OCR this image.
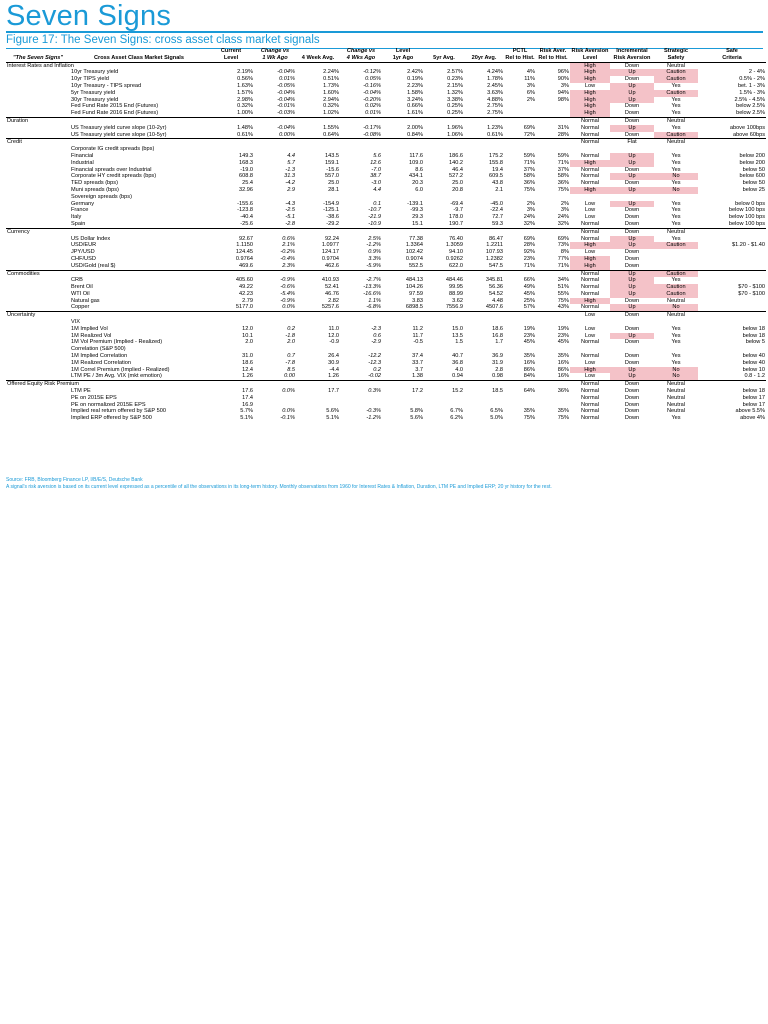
Seven Signs
Figure 17: The Seven Signs: cross asset class market signals
		Current	Change vs		Change vs	Level			PCTL	Risk Aver.	Risk Aversion	Incremental	Strategic	Safe
"The Seven Signs"	Cross Asset Class Market Signals	Level	1 Wk Ago	4 Week Avg.	4 Wks Ago	1yr Ago	5yr Avg.	20yr Avg.	Rel to Hist.	Rel to Hist.	Level	Risk Aversion	Safety	Criteria
Interest Rates and Inflation											High	Down	Neutral	
	10yr Treasury yield	2.19%	-0.04%	2.24%	-0.12%	2.42%	2.57%	4.24%	4%	96%	High	Up	Caution	2 - 4%
	10yr TIPS yield	0.56%	0.01%	0.51%	0.05%	0.19%	0.23%	1.78%	11%	90%	High	Down	Caution	0.5% - 2%
	10yr Treasury - TIPS spread	1.63%	-0.05%	1.73%	-0.16%	2.23%	2.15%	2.45%	3%	3%	Low	Up	Yes	bet. 1 - 3%
	5yr Treasury yield	1.57%	-0.04%	1.60%	-0.04%	1.58%	1.32%	3.63%	6%	94%	High	Up	Caution	1.5% - 3%
	30yr Treasury yield	2.98%	-0.04%	2.94%	-0.20%	3.24%	3.38%	4.88%	2%	98%	High	Up	Yes	2.5% - 4.5%
	Fed Fund Rate 2015 End (Futures)	0.32%	-0.01%	0.32%	0.02%	0.66%	0.25%	2.75%			High	Down	Yes	below 2.5%
	Fed Fund Rate 2016 End (Futures)	1.00%	-0.03%	1.02%	0.01%	1.61%	0.25%	2.75%			High	Down	Yes	below 2.5%
Duration											Normal	Down	Neutral	
	US Treasury yield curve slope (10-2yr)	1.48%	-0.04%	1.55%	-0.17%	2.00%	1.96%	1.23%	69%	31%	Normal	Up	Yes	above 100bps
	US Treasury yield curve slope (10-5yr)	0.61%	0.00%	0.64%	-0.08%	0.84%	1.06%	0.61%	72%	28%	Normal	Down	Caution	above 60bps
Credit											Normal	Flat	Neutral	
	Corporate IG credit spreads (bps)													
	Financial	149.3	4.4	143.5	5.6	117.6	186.6	175.2	59%	59%	Normal	Up	Yes	below 200
	Industrial	168.3	5.7	159.1	12.6	109.0	140.2	155.8	71%	71%	High	Up	Yes	below 200
	Financial spreads over Industrial	-19.0	-1.3	-15.6	-7.0	8.6	46.4	19.4	37%	37%	Normal	Down	Yes	below 50
	Corporate HY credit spreads (bps)	608.8	31.3	557.0	38.7	434.1	527.2	609.5	58%	58%	Normal	Up	No	below 600
	TED spreads (bps)	25.4	-4.2	25.0	-3.0	20.3	25.0	43.8	36%	36%	Normal	Down	Yes	below 50
	Muni spreads (bps)	32.96	2.9	28.1	4.4	6.0	20.8	2.1	75%	75%	High	Up	No	below 25
	Sovereign spreads (bps)													
	Germany	-155.6	-4.3	-154.9	0.1	-139.1	-69.4	-45.0	2%	2%	Low	Up	Yes	below 0 bps
	France	-123.8	-2.5	-125.1	-10.7	-99.3	-9.7	-22.4	3%	3%	Low	Down	Yes	below 100 bps
	Italy	-40.4	-5.1	-38.6	-21.9	29.3	178.0	72.7	24%	24%	Low	Down	Yes	below 100 bps
	Spain	-25.6	-2.8	-29.2	-10.9	15.1	190.7	59.3	32%	32%	Normal	Down	Yes	below 100 bps
Currency											Normal	Down	Neutral	
	US Dollar Index	92.67	0.6%	92.24	2.5%	77.38	76.40	86.47	69%	69%	Normal	Up	Yes	
	USD/EUR	1.1150	2.1%	1.0977	-1.2%	1.3364	1.3059	1.2211	28%	73%	High	Up	Caution	$1.20 - $1.40
	JPY/USD	124.45	-0.2%	124.17	0.9%	102.42	94.10	107.93	92%	8%	Low	Down		
	CHF/USD	0.9764	-0.4%	0.9704	3.3%	0.9074	0.9262	1.2382	23%	77%	High	Down		
	USD/Gold (real $)	469.6	2.3%	462.6	-5.9%	552.5	622.0	547.5	71%	71%	High	Down		
Commodities											Normal	Up	Caution	
	CRB	405.60	-0.9%	410.93	-2.7%	484.13	484.46	345.81	66%	34%	Normal	Up	Yes	
	Brent Oil	49.22	-0.6%	52.41	-13.3%	104.26	99.95	56.36	49%	51%	Normal	Up	Caution	$70 - $100
	WTI Oil	42.23	-5.4%	46.76	-16.6%	97.59	88.99	54.52	45%	55%	Normal	Up	Caution	$70 - $100
	Natural gas	2.79	-0.9%	2.82	1.1%	3.83	3.62	4.48	25%	75%	High	Down	Neutral	
	Copper	5177.0	0.0%	5257.6	-6.8%	6898.5	7556.9	4507.6	57%	43%	Normal	Up	No	
Uncertainty											Low	Down	Neutral	
	VIX													
	1M Implied Vol	12.0	0.2	11.0	-2.3	11.2	15.0	18.6	19%	19%	Low	Down	Yes	below 18
	1M Realized Vol	10.1	-1.8	12.0	0.6	11.7	13.5	16.8	23%	23%	Low	Up	Yes	below 18
	1M Vol Premium (Implied - Realized)	2.0	2.0	-0.9	-2.9	-0.5	1.5	1.7	45%	45%	Normal	Down	Yes	below 5
	Correlation (S&P 500)													
	1M Implied Correlation	31.0	0.7	26.4	-12.2	37.4	40.7	36.9	35%	35%	Normal	Down	Yes	below 40
	1M Realized Correlation	18.6	-7.8	30.9	-12.3	33.7	36.8	31.9	16%	16%	Low	Down	Yes	below 40
	1M Correl Premium (Implied - Realized)	12.4	8.5	-4.4	0.2	3.7	4.0	2.8	86%	86%	High	Up	No	below 10
	LTM PE / 3m Avg. VIX (mkt emotion)	1.26	0.00	1.26	-0.02	1.38	0.94	0.98	84%	16%	Low	Up	No	0.8 - 1.2
Offered Equity Risk Premium											Normal	Down	Neutral	
	LTM PE	17.6	0.0%	17.7	0.3%	17.2	15.2	18.5	64%	36%	Normal	Down	Neutral	below 18
	PE on 2015E EPS	17.4									Normal	Down	Neutral	below 17
	PE on normalized 2015E EPS	16.9									Normal	Down	Neutral	below 17
	Implied real return offered by S&P 500	5.7%	0.0%	5.6%	-0.3%	5.8%	6.7%	6.5%	35%	35%	Normal	Down	Neutral	above 5.5%
	Implied ERP offered by S&P 500	5.1%	-0.1%	5.1%	-1.2%	5.6%	6.2%	5.0%	75%	75%	Normal	Down	Yes	above 4%
Source: FRB, Bloomberg Finance LP, I/B/E/S, Deutsche Bank
A signal's risk aversion is based on its current level expressed as a percentile of all the observations in its long-term history. Monthly observations from 1960 for Interest Rates & Inflation, Duration, LTM PE and Implied ERP; 20 yr history for the rest.
